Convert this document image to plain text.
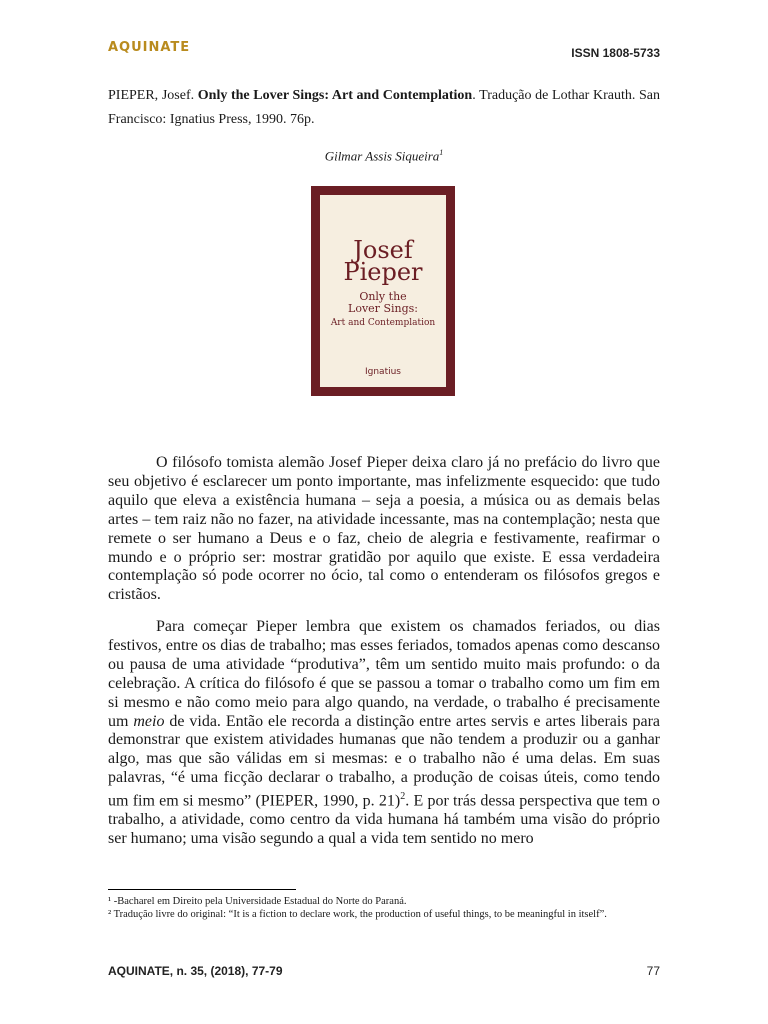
AQUINATE	ISSN 1808-5733
PIEPER, Josef. Only the Lover Sings: Art and Contemplation. Tradução de Lothar Krauth. San Francisco: Ignatius Press, 1990. 76p.
Gilmar Assis Siqueira$^1$
Josef
Pieper
Only the
Lover Sings:
Art and Contemplation
Ignatius

O filósofo tomista alemão Josef Pieper deixa claro já no prefácio do livro que seu objetivo é esclarecer um ponto importante, mas infelizmente esquecido: que tudo aquilo que eleva a existência humana – seja a poesia, a música ou as demais belas artes – tem raiz não no fazer, na atividade incessante, mas na contemplação; nesta que remete o ser humano a Deus e o faz, cheio de alegria e festivamente, reafirmar o mundo e o próprio ser: mostrar gratidão por aquilo que existe. E essa verdadeira contemplação só pode ocorrer no ócio, tal como o entenderam os filósofos gregos e cristãos.

Para começar Pieper lembra que existem os chamados feriados, ou dias festivos, entre os dias de trabalho; mas esses feriados, tomados apenas como descanso ou pausa de uma atividade “produtiva”, têm um sentido muito mais profundo: o da celebração. A crítica do filósofo é que se passou a tomar o trabalho como um fim em si mesmo e não como meio para algo quando, na verdade, o trabalho é precisamente um meio de vida. Então ele recorda a distinção entre artes servis e artes liberais para demonstrar que existem atividades humanas que não tendem a produzir ou a ganhar algo, mas que são válidas em si mesmas: e o trabalho não é uma delas. Em suas palavras, “é uma ficção declarar o trabalho, a produção de coisas úteis, como tendo um fim em si mesmo” (PIEPER, 1990, p. 21)$^2$. E por trás dessa perspectiva que tem o trabalho, a atividade, como centro da vida humana há também uma visão do próprio ser humano; uma visão segundo a qual a vida tem sentido no mero

¹ -Bacharel em Direito pela Universidade Estadual do Norte do Paraná.
² Tradução livre do original: “It is a fiction to declare work, the production of useful things, to be meaningful in itself”.
AQUINATE, n. 35, (2018), 77-79	77
